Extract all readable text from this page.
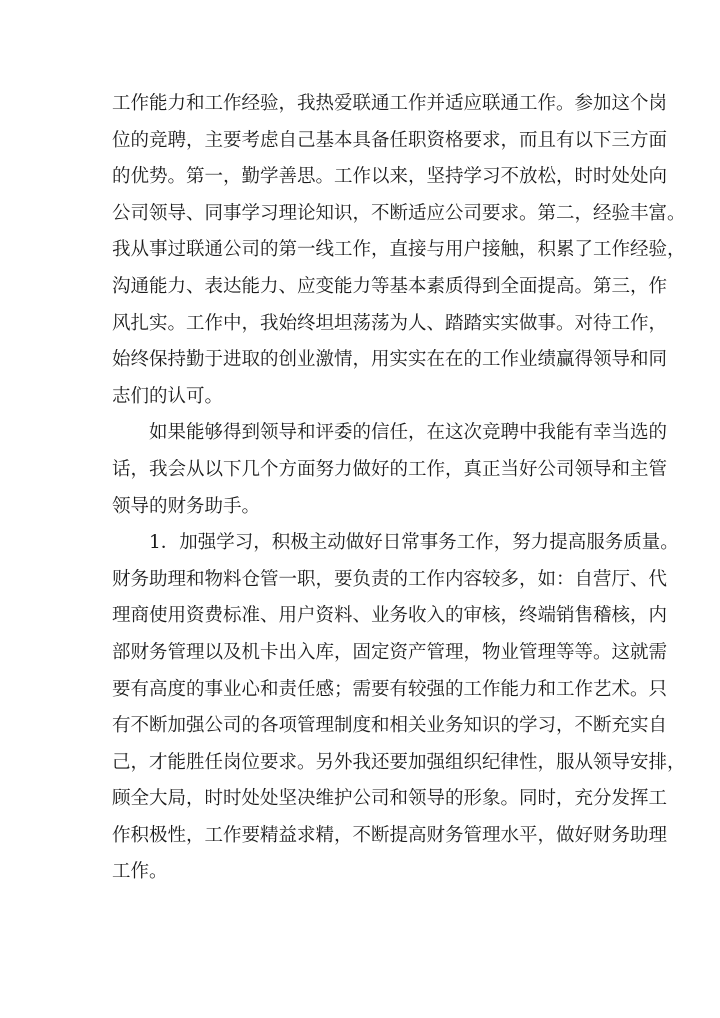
工作能力和工作经验，我热爱联通工作并适应联通工作。参加这个岗
位的竞聘，主要考虑自己基本具备任职资格要求，而且有以下三方面
的优势。第一，勤学善思。工作以来，坚持学习不放松，时时处处向
公司领导、同事学习理论知识，不断适应公司要求。第二，经验丰富。
我从事过联通公司的第一线工作，直接与用户接触，积累了工作经验，
沟通能力、表达能力、应变能力等基本素质得到全面提高。第三，作
风扎实。工作中，我始终坦坦荡荡为人、踏踏实实做事。对待工作，
始终保持勤于进取的创业激情，用实实在在的工作业绩赢得领导和同
志们的认可。

如果能够得到领导和评委的信任，在这次竞聘中我能有幸当选的
话，我会从以下几个方面努力做好的工作，真正当好公司领导和主管
领导的财务助手。

1．加强学习，积极主动做好日常事务工作，努力提高服务质量。
财务助理和物料仓管一职，要负责的工作内容较多，如：自营厅、代
理商使用资费标准、用户资料、业务收入的审核，终端销售稽核，内
部财务管理以及机卡出入库，固定资产管理，物业管理等等。这就需
要有高度的事业心和责任感；需要有较强的工作能力和工作艺术。只
有不断加强公司的各项管理制度和相关业务知识的学习，不断充实自
己，才能胜任岗位要求。另外我还要加强组织纪律性，服从领导安排，
顾全大局，时时处处坚决维护公司和领导的形象。同时，充分发挥工
作积极性，工作要精益求精，不断提高财务管理水平，做好财务助理
工作。
